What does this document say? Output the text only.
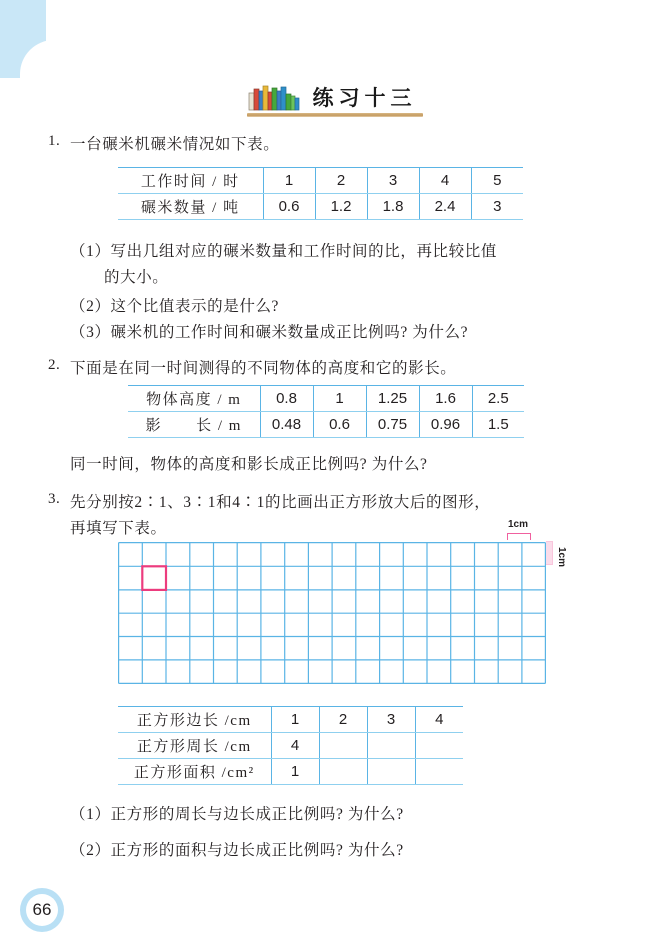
练习十三
1. 一台碾米机碾米情况如下表。
工作时间 / 时	1	2	3	4	5
碾米数量 / 吨	0.6	1.2	1.8	2.4	3
（1）写出几组对应的碾米数量和工作时间的比，再比较比值
的大小。
（2）这个比值表示的是什么?
（3）碾米机的工作时间和碾米数量成正比例吗? 为什么?
2. 下面是在同一时间测得的不同物体的高度和它的影长。
物体高度 / m	0.8	1	1.25	1.6	2.5
影 长 / m	0.48	0.6	0.75	0.96	1.5
同一时间，物体的高度和影长成正比例吗? 为什么?
3. 先分别按2∶1、3∶1和4∶1的比画出正方形放大后的图形，
再填写下表。	1cm
1cm
正方形边长 /cm	1	2	3	4
正方形周长 /cm	4			
正方形面积 /cm²	1			
（1）正方形的周长与边长成正比例吗? 为什么?
（2）正方形的面积与边长成正比例吗? 为什么?
66
